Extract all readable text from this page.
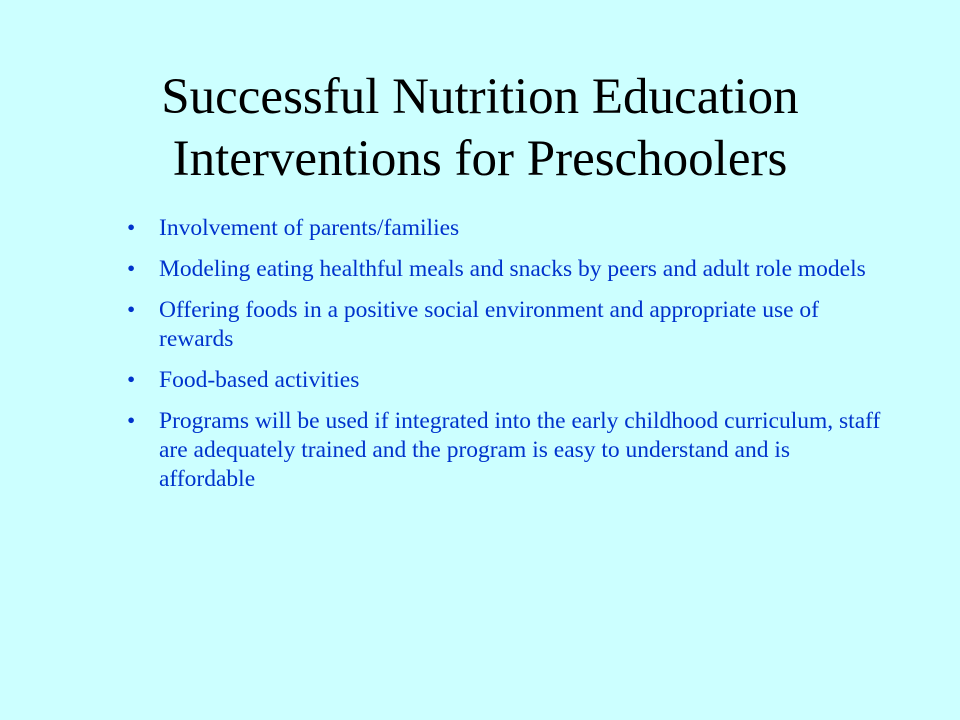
Successful Nutrition Education
Interventions for Preschoolers
• Involvement of parents/families
• Modeling eating healthful meals and snacks by peers and adult role models
• Offering foods in a positive social environment and appropriate use of rewards
• Food-based activities
• Programs will be used if integrated into the early childhood curriculum, staff are adequately trained and the program is easy to understand and is affordable
